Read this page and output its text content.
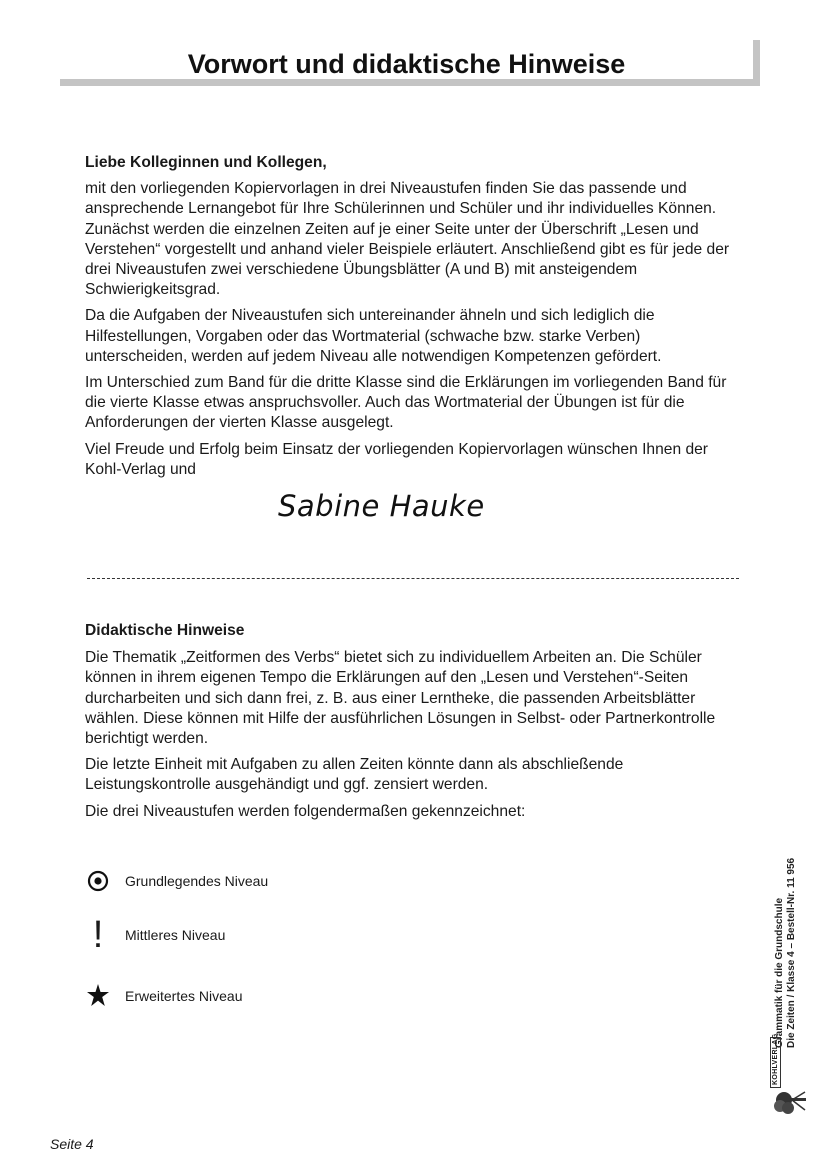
Vorwort und didaktische Hinweise

Liebe Kolleginnen und Kollegen,

mit den vorliegenden Kopiervorlagen in drei Niveaustufen finden Sie das passende und ansprechende Lernangebot für Ihre Schülerinnen und Schüler und ihr individuelles Können. Zunächst werden die einzelnen Zeiten auf je einer Seite unter der Überschrift „Lesen und Verstehen“ vorgestellt und anhand vieler Beispiele erläutert. Anschließend gibt es für jede der drei Niveaustufen zwei verschiedene Übungsblätter (A und B) mit ansteigendem Schwierigkeitsgrad.

Da die Aufgaben der Niveaustufen sich untereinander ähneln und sich lediglich die Hilfestellungen, Vorgaben oder das Wortmaterial (schwache bzw. starke Verben) unterscheiden, werden auf jedem Niveau alle notwendigen Kompetenzen gefördert.

Im Unterschied zum Band für die dritte Klasse sind die Erklärungen im vorliegenden Band für die vierte Klasse etwas anspruchsvoller. Auch das Wortmaterial der Übungen ist für die Anforderungen der vierten Klasse ausgelegt.

Viel Freude und Erfolg beim Einsatz der vorliegenden Kopiervorlagen wünschen Ihnen der Kohl-Verlag und

Sabine Hauke

Didaktische Hinweise

Die Thematik „Zeitformen des Verbs“ bietet sich zu individuellem Arbeiten an. Die Schüler können in ihrem eigenen Tempo die Erklärungen auf den „Lesen und Verstehen“-Seiten durcharbeiten und sich dann frei, z. B. aus einer Lerntheke, die passenden Arbeitsblätter wählen. Diese können mit Hilfe der ausführlichen Lösungen in Selbst- oder Partnerkontrolle berichtigt werden.

Die letzte Einheit mit Aufgaben zu allen Zeiten könnte dann als abschließende Leistungskontrolle ausgehändigt und ggf. zensiert werden.

Die drei Niveaustufen werden folgendermaßen gekennzeichnet:

Grundlegendes Niveau
!	Mittleres Niveau
Erweitertes Niveau	Grammatik für die Grundschule Die Zeiten / Klasse 4 – Bestell-Nr. 11 956
KOHLVERLAG
Seite 4
